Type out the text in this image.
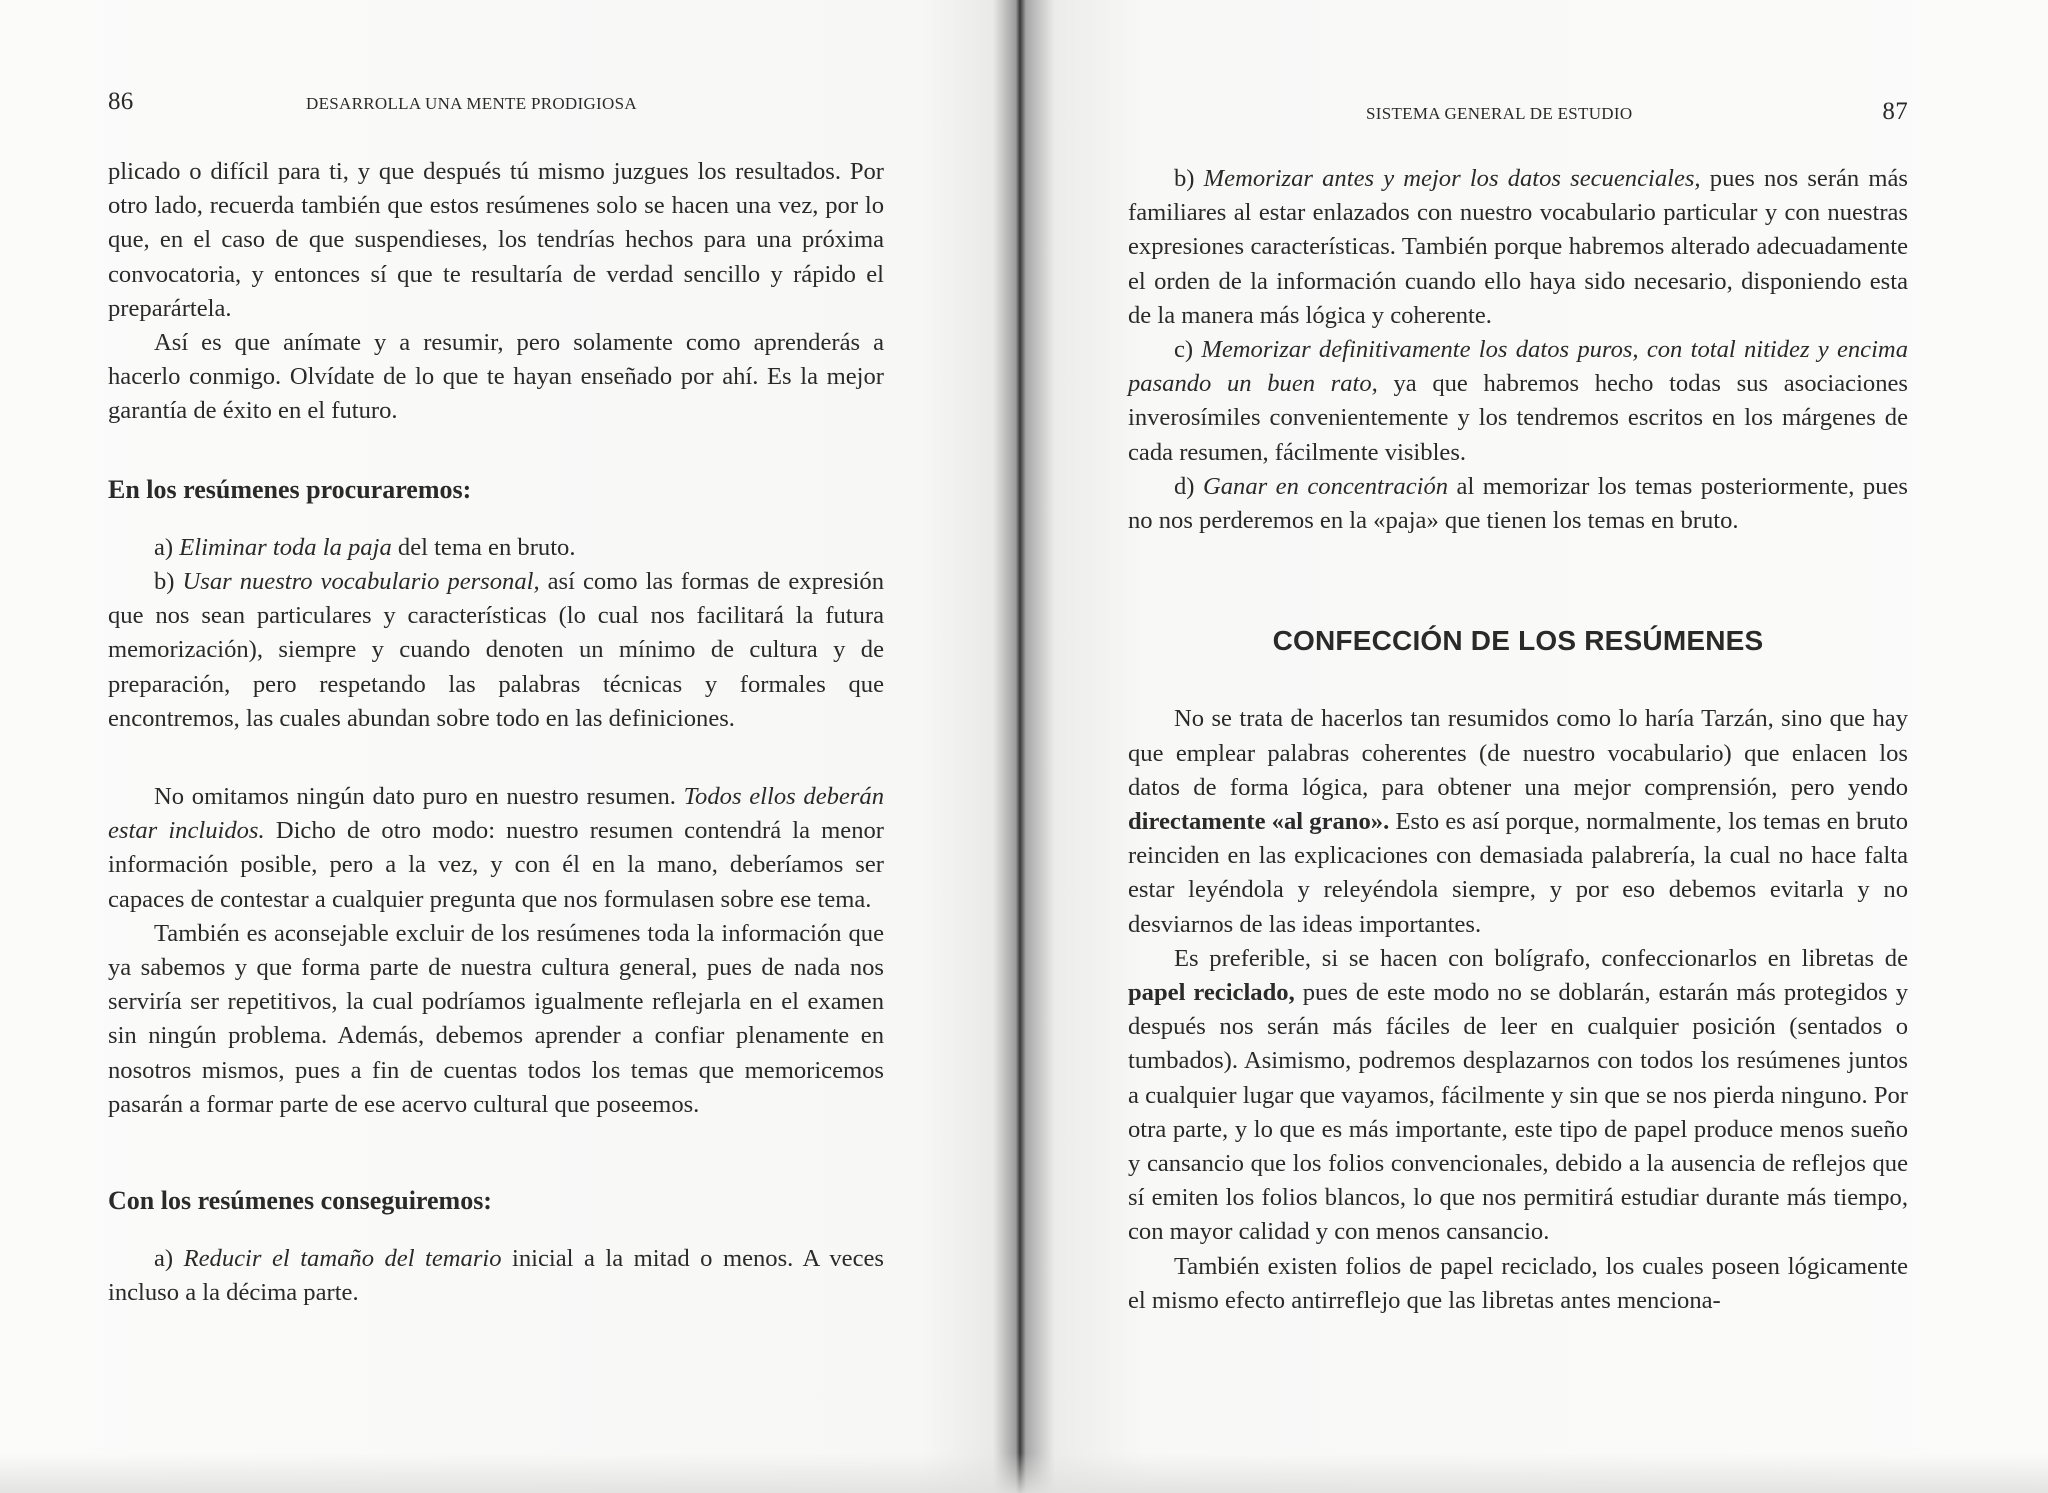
86	DESARROLLA UNA MENTE PRODIGIOSA

plicado o difícil para ti, y que después tú mismo juzgues los resultados. Por otro lado, recuerda también que estos resúmenes solo se hacen una vez, por lo que, en el caso de que suspendieses, los tendrías hechos para una próxima convocatoria, y entonces sí que te resultaría de verdad sencillo y rápido el preparártela.

Así es que anímate y a resumir, pero solamente como aprenderás a hacerlo conmigo. Olvídate de lo que te hayan enseñado por ahí. Es la mejor garantía de éxito en el futuro.

En los resúmenes procuraremos:

a) Eliminar toda la paja del tema en bruto.

b) Usar nuestro vocabulario personal, así como las formas de expresión que nos sean particulares y características (lo cual nos facilitará la futura memorización), siempre y cuando denoten un mínimo de cultura y de preparación, pero respetando las palabras técnicas y formales que encontremos, las cuales abundan sobre todo en las definiciones.

No omitamos ningún dato puro en nuestro resumen. Todos ellos deberán estar incluidos. Dicho de otro modo: nuestro resumen contendrá la menor información posible, pero a la vez, y con él en la mano, deberíamos ser capaces de contestar a cualquier pregunta que nos formulasen sobre ese tema.

También es aconsejable excluir de los resúmenes toda la información que ya sabemos y que forma parte de nuestra cultura general, pues de nada nos serviría ser repetitivos, la cual podríamos igualmente reflejarla en el examen sin ningún problema. Además, debemos aprender a confiar plenamente en nosotros mismos, pues a fin de cuentas todos los temas que memoricemos pasarán a formar parte de ese acervo cultural que poseemos.

Con los resúmenes conseguiremos:

a) Reducir el tamaño del temario inicial a la mitad o menos. A veces incluso a la décima parte.

SISTEMA GENERAL DE ESTUDIO	87

b) Memorizar antes y mejor los datos secuenciales, pues nos serán más familiares al estar enlazados con nuestro vocabulario particular y con nuestras expresiones características. También porque habremos alterado adecuadamente el orden de la información cuando ello haya sido necesario, disponiendo esta de la manera más lógica y coherente.

c) Memorizar definitivamente los datos puros, con total nitidez y encima pasando un buen rato, ya que habremos hecho todas sus asociaciones inverosímiles convenientemente y los tendremos escritos en los márgenes de cada resumen, fácilmente visibles.

d) Ganar en concentración al memorizar los temas posteriormente, pues no nos perderemos en la «paja» que tienen los temas en bruto.

CONFECCIÓN DE LOS RESÚMENES

No se trata de hacerlos tan resumidos como lo haría Tarzán, sino que hay que emplear palabras coherentes (de nuestro vocabulario) que enlacen los datos de forma lógica, para obtener una mejor comprensión, pero yendo directamente «al grano». Esto es así porque, normalmente, los temas en bruto reinciden en las explicaciones con demasiada palabrería, la cual no hace falta estar leyéndola y releyéndola siempre, y por eso debemos evitarla y no desviarnos de las ideas importantes.

Es preferible, si se hacen con bolígrafo, confeccionarlos en libretas de papel reciclado, pues de este modo no se doblarán, estarán más protegidos y después nos serán más fáciles de leer en cualquier posición (sentados o tumbados). Asimismo, podremos desplazarnos con todos los resúmenes juntos a cualquier lugar que vayamos, fácilmente y sin que se nos pierda ninguno. Por otra parte, y lo que es más importante, este tipo de papel produce menos sueño y cansancio que los folios convencionales, debido a la ausencia de reflejos que sí emiten los folios blancos, lo que nos permitirá estudiar durante más tiempo, con mayor calidad y con menos cansancio.

También existen folios de papel reciclado, los cuales poseen lógicamente el mismo efecto antirreflejo que las libretas antes menciona-
